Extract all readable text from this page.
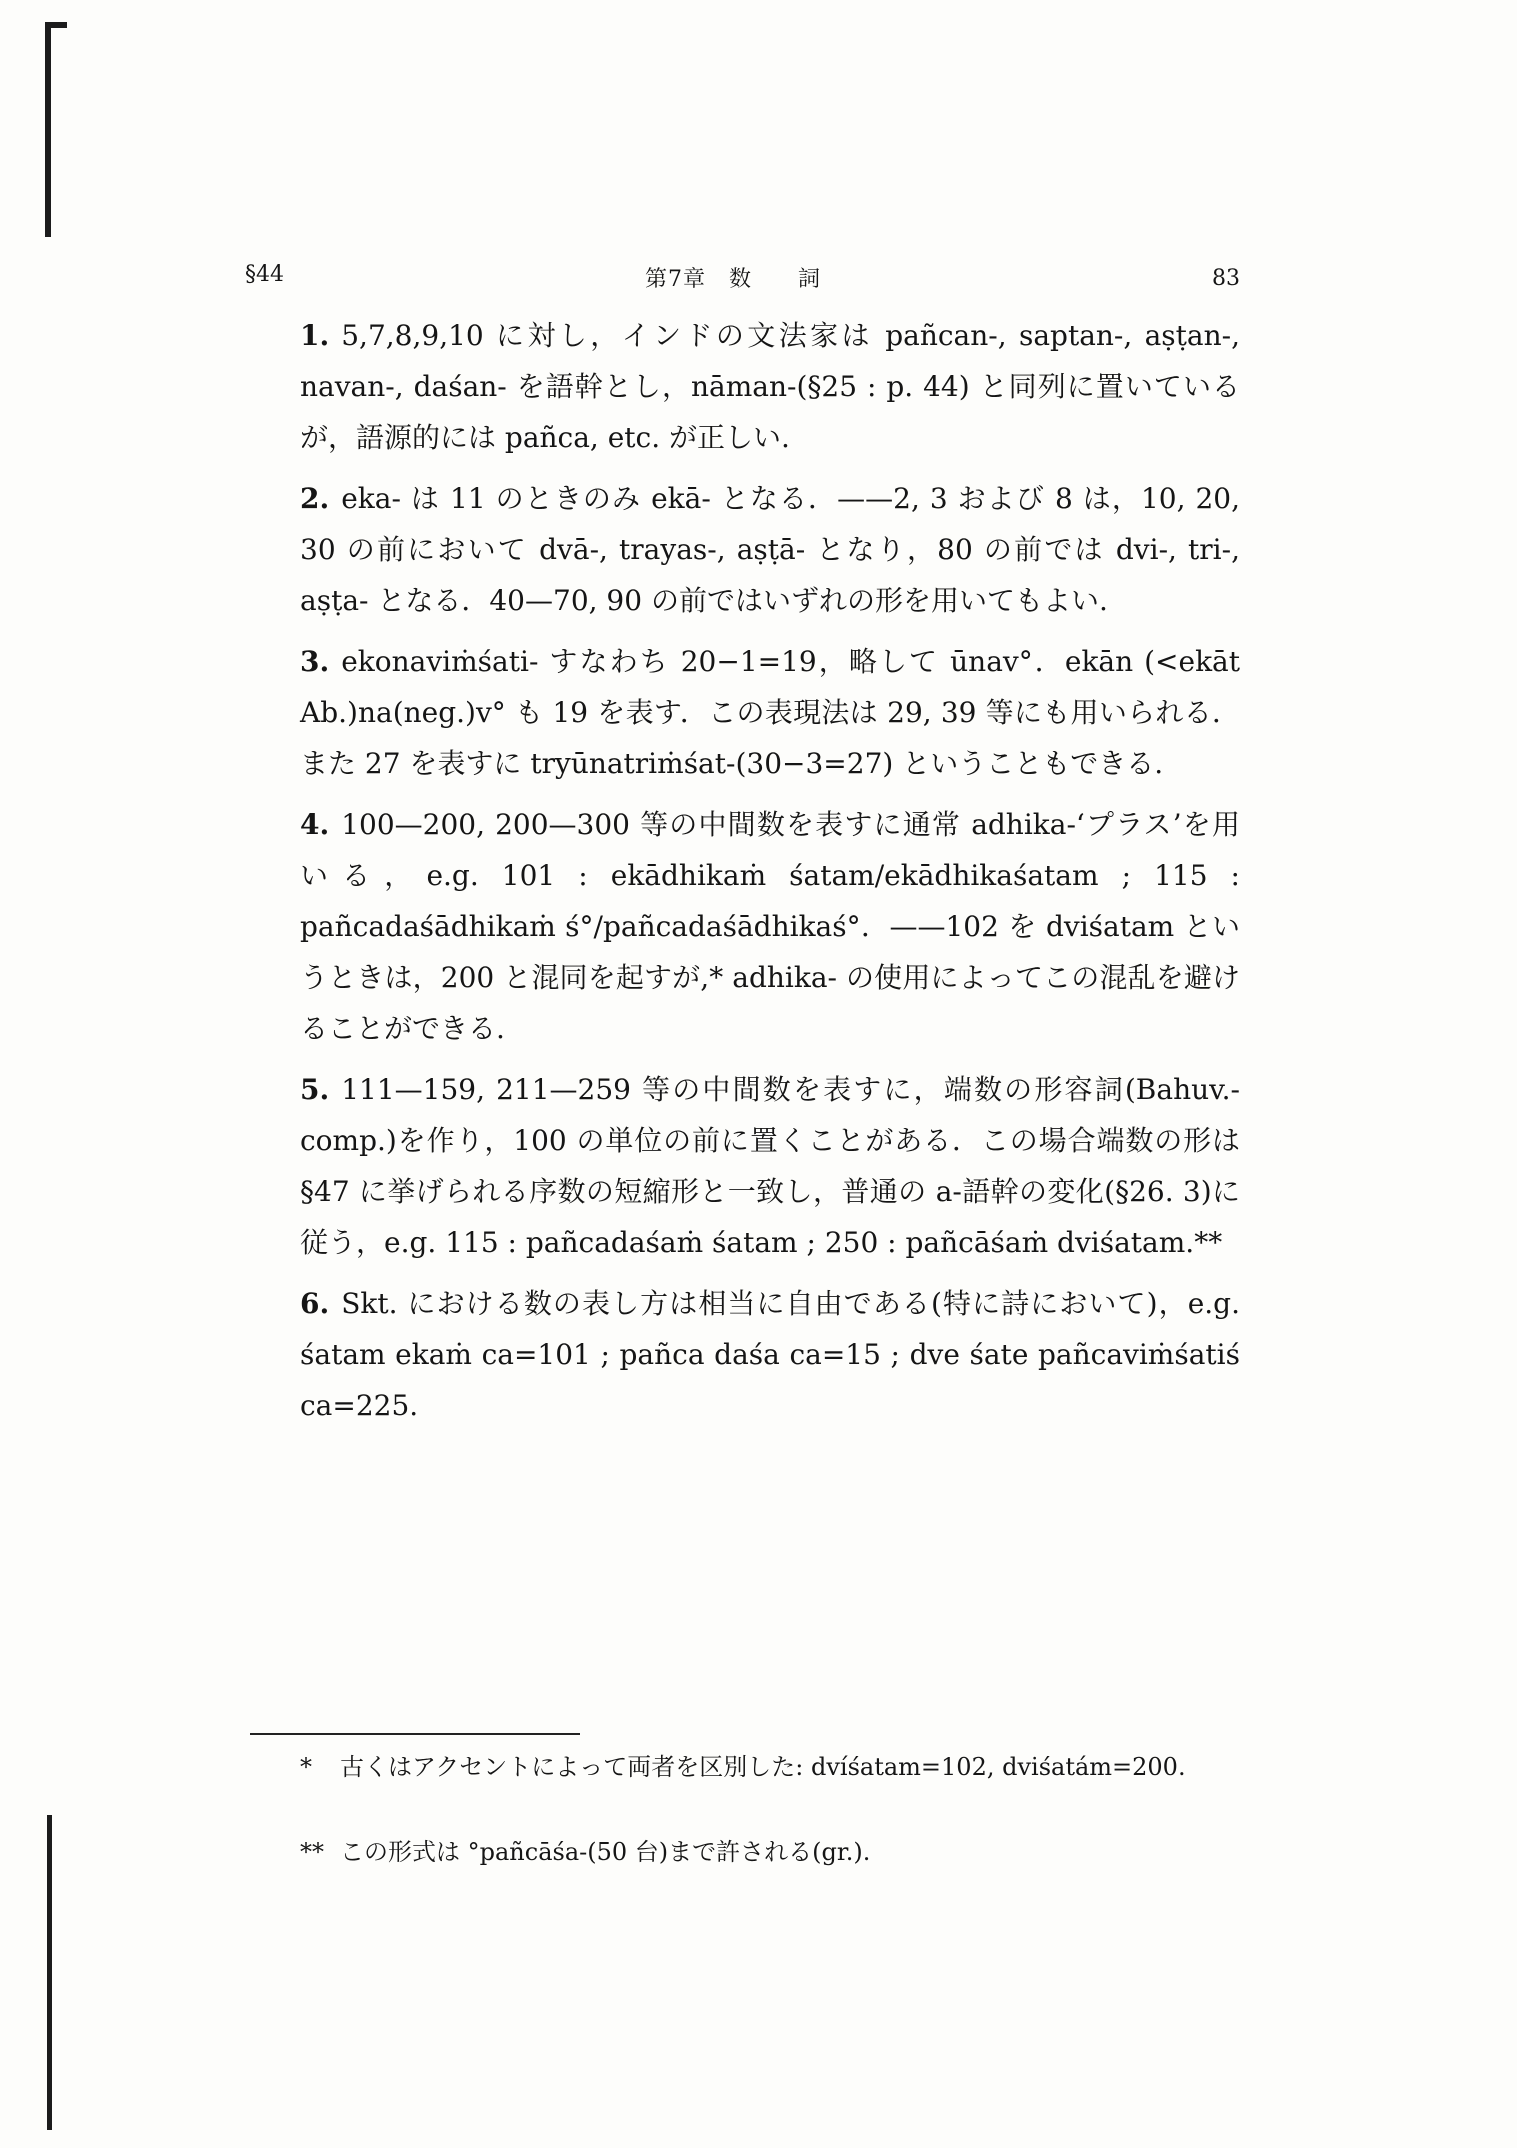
§44	第7章　数　　詞	83

1. 5,7,8,9,10 に対し，インドの文法家は pañcan-, saptan-, aṣṭan-, navan-, daśan- を語幹とし，nāman-(§25 : p. 44) と同列に置いているが，語源的には pañca, etc. が正しい.

2. eka- は 11 のときのみ ekā- となる．——2, 3 および 8 は，10, 20, 30 の前において dvā-, trayas-, aṣṭā- となり，80 の前では dvi-, tri-, aṣṭa- となる．40—70, 90 の前ではいずれの形を用いてもよい.

3. ekonaviṁśati- すなわち 20−1=19，略して ūnav°．ekān (<ekāt Ab.)na(neg.)v° も 19 を表す．この表現法は 29, 39 等にも用いられる．また 27 を表すに tryūnatriṁśat-(30−3=27) ということもできる.

4. 100—200, 200—300 等の中間数を表すに通常 adhika-‘プラス’を用いる，e.g. 101 : ekādhikaṁ śatam/ekādhikaśatam ; 115 : pañcadaśādhikaṁ ś°/pañcadaśādhikaś°．——102 を dviśatam というときは，200 と混同を起すが,* adhika- の使用によってこの混乱を避けることができる.

5. 111—159, 211—259 等の中間数を表すに，端数の形容詞(Bahuv.-comp.)を作り，100 の単位の前に置くことがある．この場合端数の形は §47 に挙げられる序数の短縮形と一致し，普通の a-語幹の変化(§26. 3)に従う，e.g. 115 : pañcadaśaṁ śatam ; 250 : pañcāśaṁ dviśatam.**

6. Skt. における数の表し方は相当に自由である(特に詩において)，e.g. śatam ekaṁ ca=101 ; pañca daśa ca=15 ; dve śate pañcaviṁśatiś ca=225.

* 古くはアクセントによって両者を区別した: dvíśatam=102, dviśatám=200.
** この形式は °pañcāśa-(50 台)まで許される(gr.).
